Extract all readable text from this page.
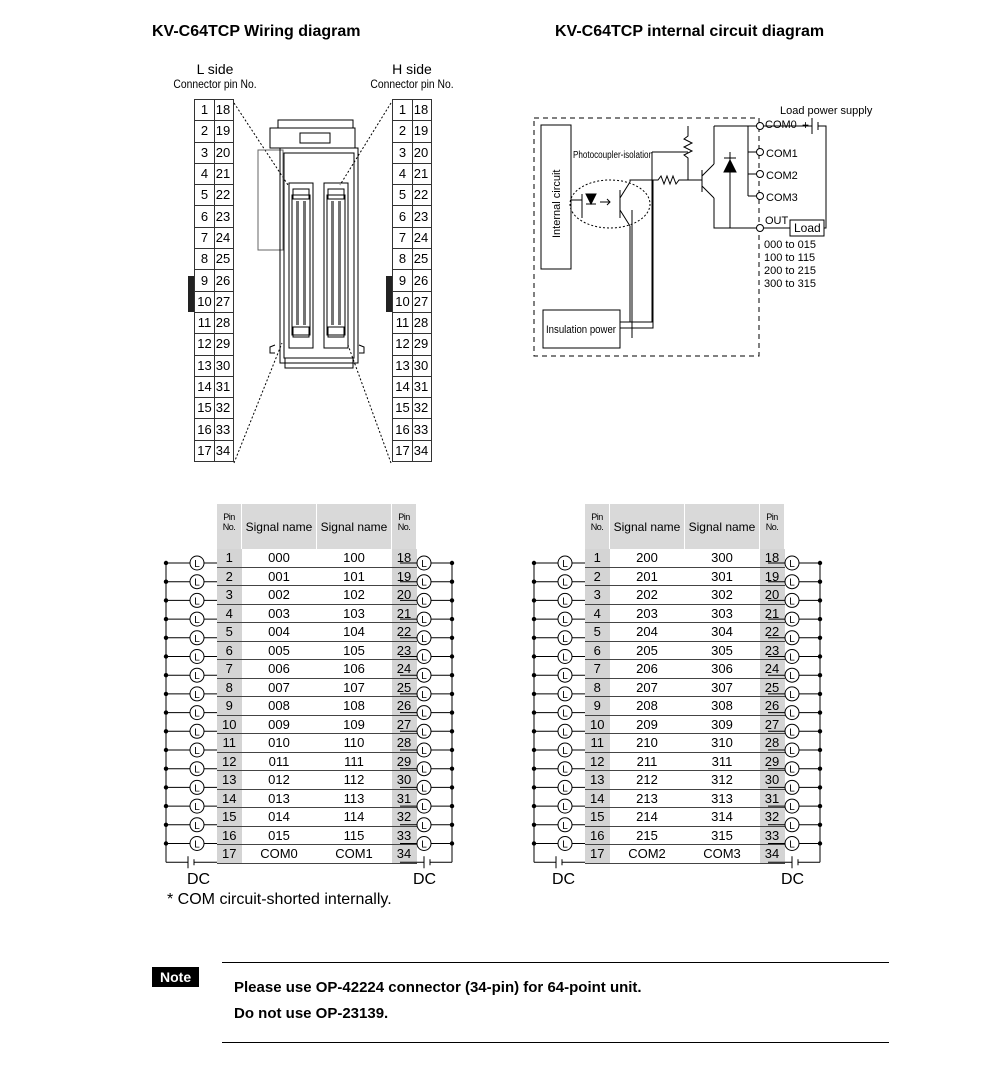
KV-C64TCP Wiring diagram	KV-C64TCP internal circuit diagram
L side
Connector pin No.
H side
Connector pin No.
1	18
2	19
3	20
4	21
5	22
6	23
7	24
8	25
9	26
10	27
11	28
12	29
13	30
14	31
15	32
16	33
17	34
1	18
2	19
3	20
4	21
5	22
6	23
7	24
8	25
9	26
10	27
11	28
12	29
13	30
14	31
15	32
16	33
17	34
Load power supply
COM0 +
COM1
COM2
COM3
OUT Load
Photocoupler-isolation
Internal circuit
Insulation power
000 to 015
100 to 115
200 to 215
300 to 315
Pin No.	Signal name	Signal name	Pin No.
1	000	100	18
2	001	101	19
3	002	102	20
4	003	103	21
5	004	104	22
6	005	105	23
7	006	106	24
8	007	107	25
9	008	108	26
10	009	109	27
11	010	110	28
12	011	111	29
13	012	112	30
14	013	113	31
15	014	114	32
16	015	115	33
17	COM0	COM1	34
Pin No.	Signal name	Signal name	Pin No.
1	200	300	18
2	201	301	19
3	202	302	20
4	203	303	21
5	204	304	22
6	205	305	23
7	206	306	24
8	207	307	25
9	208	308	26
10	209	309	27
11	210	310	28
12	211	311	29
13	212	312	30
14	213	313	31
15	214	314	32
16	215	315	33
17	COM2	COM3	34
L	L
L	L
L	L
L	L
L	L
L	L
L	L
L	L
L	L
L	L
L	L
L	L
L	L
L	L
L	L
L	L
L	L
L	L
L	L
L	L
L	L
L	L
L	L
L	L
L	L
L	L
L	L
L	L
L	L
L	L
L	L
L	L
DC	DC	DC	DC
* COM circuit-shorted internally.
Note
Please use OP-42224 connector (34-pin) for 64-point unit.
Do not use OP-23139.
